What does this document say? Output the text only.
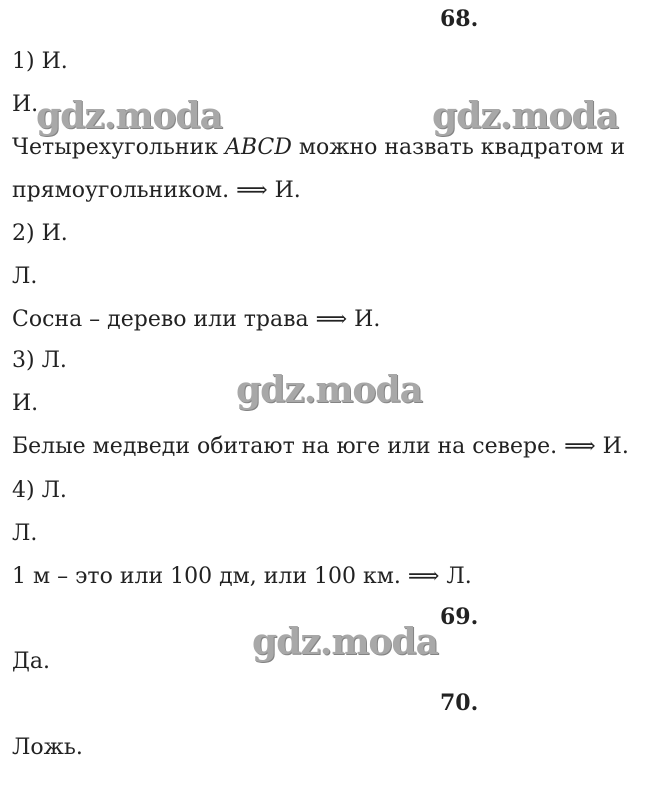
68.
1) И.
И.
Четырехугольник ABCD можно назвать квадратом и
прямоугольником. ⟹ И.
2) И.
Л.
Сосна – дерево или трава ⟹ И.
3) Л.
И.
Белые медведи обитают на юге или на севере. ⟹ И.
4) Л.
Л.
1 м – это или 100 дм, или 100 км. ⟹ Л.
69.
Да.
70.
Ложь.
gdz.moda	gdz.moda
gdz.moda
gdz.moda
